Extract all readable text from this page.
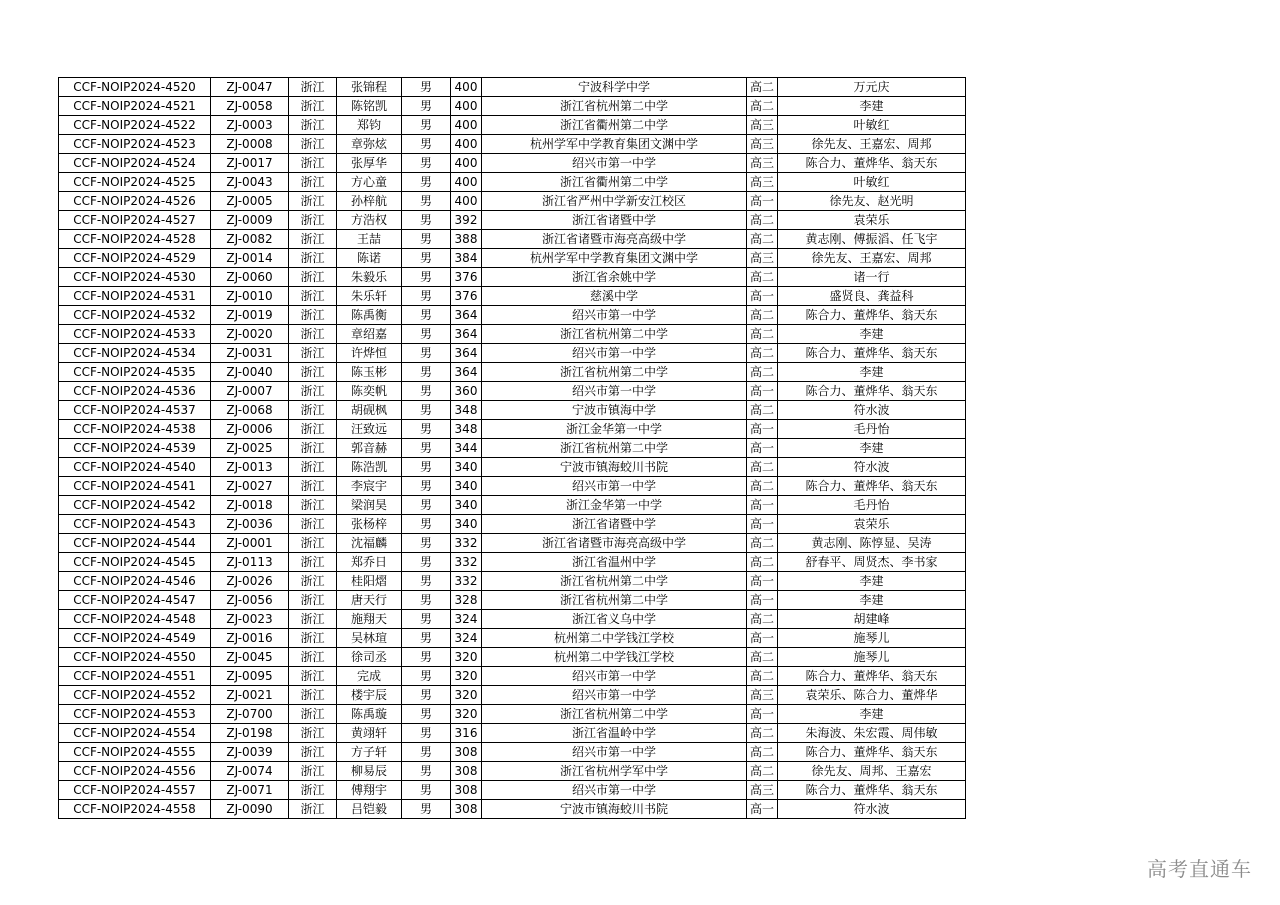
CCF-NOIP2024-4520	ZJ-0047	浙江	张锦程	男	400	宁波科学中学	高二	万元庆
CCF-NOIP2024-4521	ZJ-0058	浙江	陈铭凯	男	400	浙江省杭州第二中学	高二	李建
CCF-NOIP2024-4522	ZJ-0003	浙江	郑钧	男	400	浙江省衢州第二中学	高三	叶敏红
CCF-NOIP2024-4523	ZJ-0008	浙江	章弥炫	男	400	杭州学军中学教育集团文渊中学	高三	徐先友、王嘉宏、周邦
CCF-NOIP2024-4524	ZJ-0017	浙江	张厚华	男	400	绍兴市第一中学	高三	陈合力、董烨华、翁天东
CCF-NOIP2024-4525	ZJ-0043	浙江	方心童	男	400	浙江省衢州第二中学	高三	叶敏红
CCF-NOIP2024-4526	ZJ-0005	浙江	孙梓航	男	400	浙江省严州中学新安江校区	高一	徐先友、赵光明
CCF-NOIP2024-4527	ZJ-0009	浙江	方浩权	男	392	浙江省诸暨中学	高二	袁荣乐
CCF-NOIP2024-4528	ZJ-0082	浙江	王喆	男	388	浙江省诸暨市海亮高级中学	高二	黄志刚、傅振滔、任飞宇
CCF-NOIP2024-4529	ZJ-0014	浙江	陈诺	男	384	杭州学军中学教育集团文渊中学	高三	徐先友、王嘉宏、周邦
CCF-NOIP2024-4530	ZJ-0060	浙江	朱毅乐	男	376	浙江省余姚中学	高二	诸一行
CCF-NOIP2024-4531	ZJ-0010	浙江	朱乐轩	男	376	慈溪中学	高一	盛贤良、龚益科
CCF-NOIP2024-4532	ZJ-0019	浙江	陈禹衡	男	364	绍兴市第一中学	高二	陈合力、董烨华、翁天东
CCF-NOIP2024-4533	ZJ-0020	浙江	章绍嘉	男	364	浙江省杭州第二中学	高二	李建
CCF-NOIP2024-4534	ZJ-0031	浙江	许烨恒	男	364	绍兴市第一中学	高二	陈合力、董烨华、翁天东
CCF-NOIP2024-4535	ZJ-0040	浙江	陈玉彬	男	364	浙江省杭州第二中学	高二	李建
CCF-NOIP2024-4536	ZJ-0007	浙江	陈奕帆	男	360	绍兴市第一中学	高一	陈合力、董烨华、翁天东
CCF-NOIP2024-4537	ZJ-0068	浙江	胡砚枫	男	348	宁波市镇海中学	高二	符水波
CCF-NOIP2024-4538	ZJ-0006	浙江	汪致远	男	348	浙江金华第一中学	高一	毛丹怡
CCF-NOIP2024-4539	ZJ-0025	浙江	郭音赫	男	344	浙江省杭州第二中学	高一	李建
CCF-NOIP2024-4540	ZJ-0013	浙江	陈浩凯	男	340	宁波市镇海蛟川书院	高二	符水波
CCF-NOIP2024-4541	ZJ-0027	浙江	李宸宇	男	340	绍兴市第一中学	高二	陈合力、董烨华、翁天东
CCF-NOIP2024-4542	ZJ-0018	浙江	梁润昊	男	340	浙江金华第一中学	高一	毛丹怡
CCF-NOIP2024-4543	ZJ-0036	浙江	张杨梓	男	340	浙江省诸暨中学	高一	袁荣乐
CCF-NOIP2024-4544	ZJ-0001	浙江	沈福麟	男	332	浙江省诸暨市海亮高级中学	高二	黄志刚、陈惇显、吴涛
CCF-NOIP2024-4545	ZJ-0113	浙江	郑乔日	男	332	浙江省温州中学	高二	舒春平、周贤杰、李书家
CCF-NOIP2024-4546	ZJ-0026	浙江	桂阳熠	男	332	浙江省杭州第二中学	高一	李建
CCF-NOIP2024-4547	ZJ-0056	浙江	唐天行	男	328	浙江省杭州第二中学	高一	李建
CCF-NOIP2024-4548	ZJ-0023	浙江	施翔天	男	324	浙江省义乌中学	高二	胡建峰
CCF-NOIP2024-4549	ZJ-0016	浙江	吴林瑄	男	324	杭州第二中学钱江学校	高一	施琴儿
CCF-NOIP2024-4550	ZJ-0045	浙江	徐司丞	男	320	杭州第二中学钱江学校	高二	施琴儿
CCF-NOIP2024-4551	ZJ-0095	浙江	完成	男	320	绍兴市第一中学	高二	陈合力、董烨华、翁天东
CCF-NOIP2024-4552	ZJ-0021	浙江	楼宇辰	男	320	绍兴市第一中学	高三	袁荣乐、陈合力、董烨华
CCF-NOIP2024-4553	ZJ-0700	浙江	陈禹璇	男	320	浙江省杭州第二中学	高一	李建
CCF-NOIP2024-4554	ZJ-0198	浙江	黄翊轩	男	316	浙江省温岭中学	高二	朱海波、朱宏霞、周伟敏
CCF-NOIP2024-4555	ZJ-0039	浙江	方子轩	男	308	绍兴市第一中学	高二	陈合力、董烨华、翁天东
CCF-NOIP2024-4556	ZJ-0074	浙江	柳易辰	男	308	浙江省杭州学军中学	高二	徐先友、周邦、王嘉宏
CCF-NOIP2024-4557	ZJ-0071	浙江	傅翔宇	男	308	绍兴市第一中学	高三	陈合力、董烨华、翁天东
CCF-NOIP2024-4558	ZJ-0090	浙江	吕铠毅	男	308	宁波市镇海蛟川书院	高一	符水波
高考直通车
